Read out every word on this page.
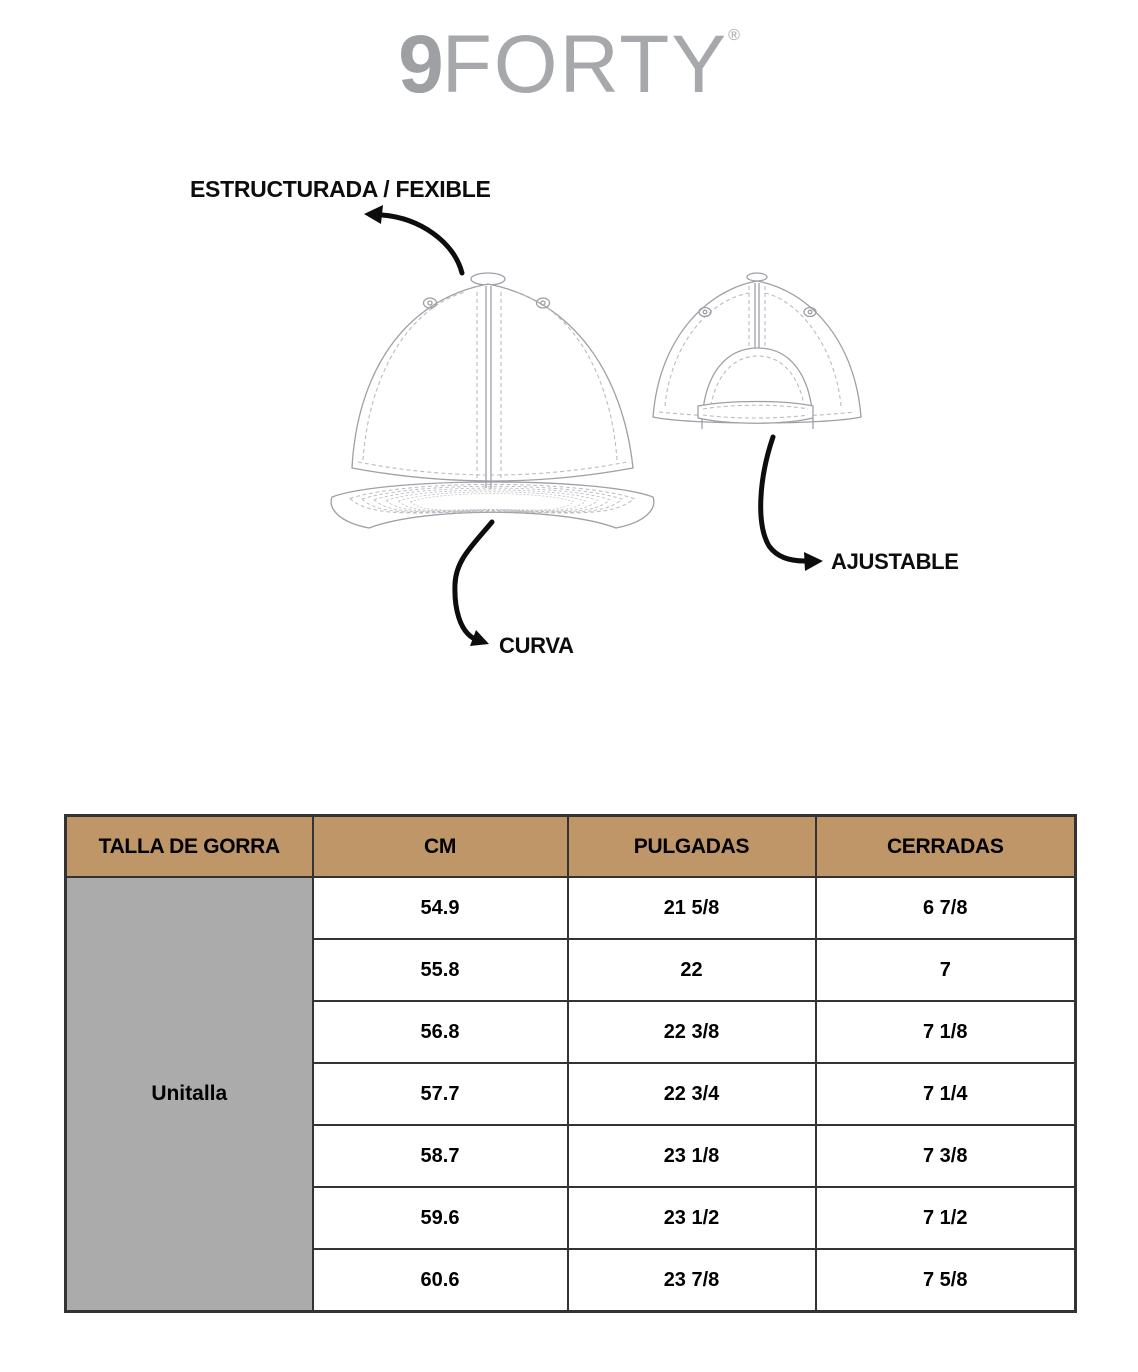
9FORTY®
ESTRUCTURADA / FEXIBLE
AJUSTABLE
CURVA
TALLA DE GORRA	CM	PULGADAS	CERRADAS
Unitalla	54.9	21 5/8	6 7/8
	55.8	22	7
	56.8	22 3/8	7 1/8
	57.7	22 3/4	7 1/4
	58.7	23 1/8	7 3/8
	59.6	23 1/2	7 1/2
	60.6	23 7/8	7 5/8
